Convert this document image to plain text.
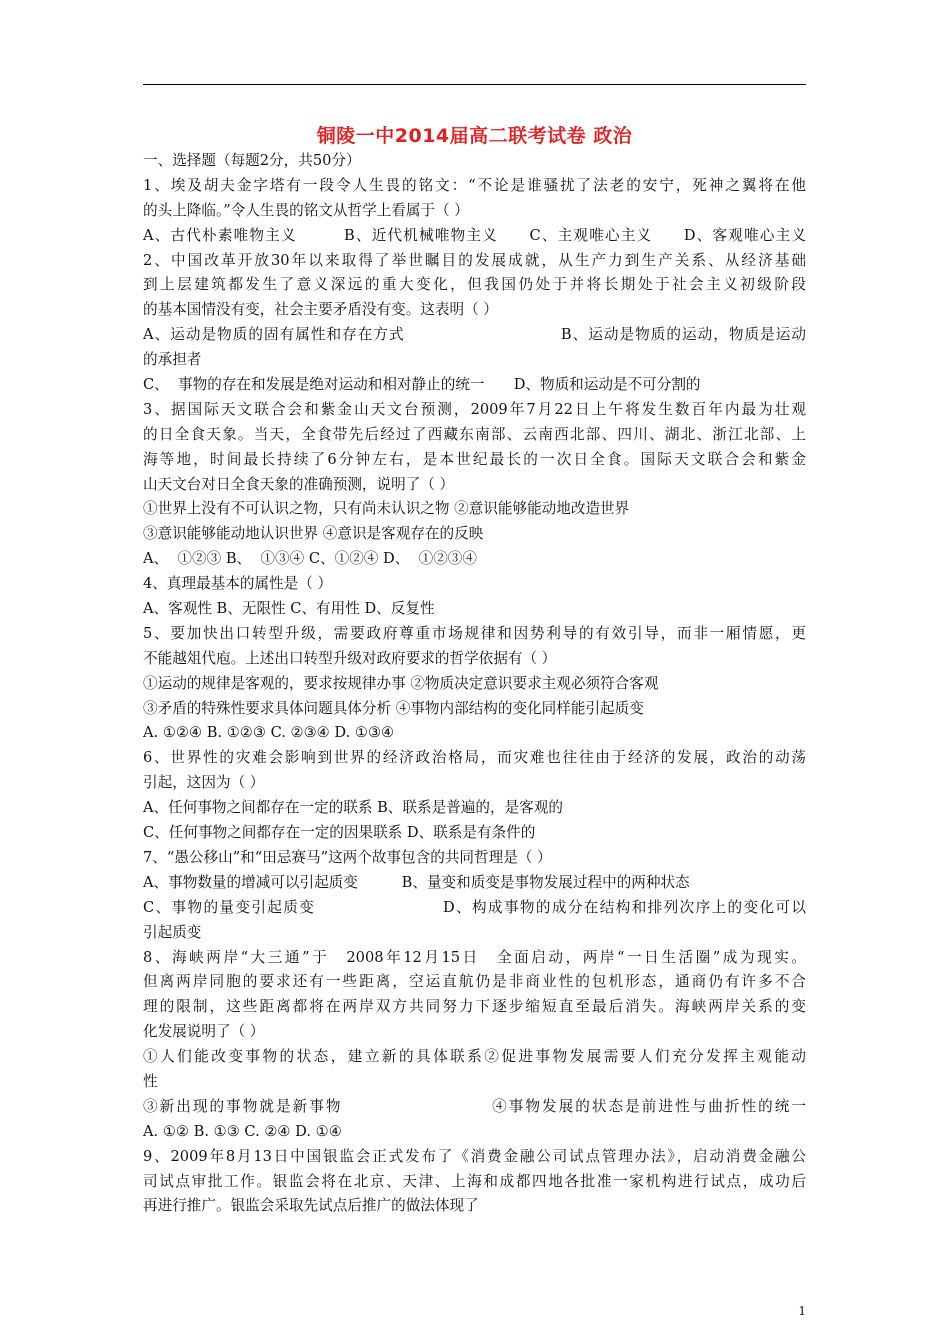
铜陵一中2014届高二联考试卷 政治
一、选择题（每题2分，共50分）
1、埃及胡夫金字塔有一段令人生畏的铭文：“不论是谁骚扰了法老的安宁，死神之翼将在他
的头上降临。”令人生畏的铭文从哲学上看属于（ ）
A、古代朴素唯物主义　　　B、近代机械唯物主义　　C、主观唯心主义　　D、客观唯心主义
2、中国改革开放30年以来取得了举世瞩目的发展成就，从生产力到生产关系、从经济基础
到上层建筑都发生了意义深远的重大变化，但我国仍处于并将长期处于社会主义初级阶段
的基本国情没有变，社会主要矛盾没有变。这表明（ ）
A、运动是物质的固有属性和存在方式　　　　　　　　　　B、运动是物质的运动，物质是运动
的承担者
C、  事物的存在和发展是绝对运动和相对静止的统一　　D、物质和运动是不可分割的
3、据国际天文联合会和紫金山天文台预测，2009年7月22日上午将发生数百年内最为壮观
的日全食天象。当天，全食带先后经过了西藏东南部、云南西北部、四川、湖北、浙江北部、上
海等地，时间最长持续了6分钟左右，是本世纪最长的一次日全食。国际天文联合会和紫金
山天文台对日全食天象的准确预测，说明了（ ）
①世界上没有不可认识之物，只有尚未认识之物 ②意识能够能动地改造世界
③意识能够能动地认识世界 ④意识是客观存在的反映
A、  ①②③ B、  ①③④ C、①②④ D、  ①②③④
4、真理最基本的属性是（ ）
A、客观性 B、无限性 C、有用性 D、反复性
5、要加快出口转型升级，需要政府尊重市场规律和因势利导的有效引导，而非一厢情愿，更
不能越俎代庖。上述出口转型升级对政府要求的哲学依据有（ ）
①运动的规律是客观的，要求按规律办事 ②物质决定意识要求主观必须符合客观
③矛盾的特殊性要求具体问题具体分析 ④事物内部结构的变化同样能引起质变
A. ①②④ B. ①②③ C. ②③④ D. ①③④
6、世界性的灾难会影响到世界的经济政治格局，而灾难也往往由于经济的发展，政治的动荡
引起，这因为（ ）
A、任何事物之间都存在一定的联系 B、联系是普遍的，是客观的
C、任何事物之间都存在一定的因果联系 D、联系是有条件的
7、“愚公移山”和“田忌赛马”这两个故事包含的共同哲理是（ ）
A、事物数量的增减可以引起质变　　　B、量变和质变是事物发展过程中的两种状态
C、事物的量变引起质变　　　　　　　　D、构成事物的成分在结构和排列次序上的变化可以
引起质变
8、海峡两岸“大三通”于　2008年12月15日　全面启动，两岸“一日生活圈”成为现实。
但离两岸同胞的要求还有一些距离，空运直航仍是非商业性的包机形态，通商仍有许多不合
理的限制，这些距离都将在两岸双方共同努力下逐步缩短直至最后消失。海峡两岸关系的变
化发展说明了（ ）
①人们能改变事物的状态，建立新的具体联系②促进事物发展需要人们充分发挥主观能动
性
③新出现的事物就是新事物　　　　　　　　　④事物发展的状态是前进性与曲折性的统一
A. ①② B. ①③ C. ②④ D. ①④
9、2009年8月13日中国银监会正式发布了《消费金融公司试点管理办法》，启动消费金融公
司试点审批工作。银监会将在北京、天津、上海和成都四地各批准一家机构进行试点，成功后
再进行推广。银监会采取先试点后推广的做法体现了
1
